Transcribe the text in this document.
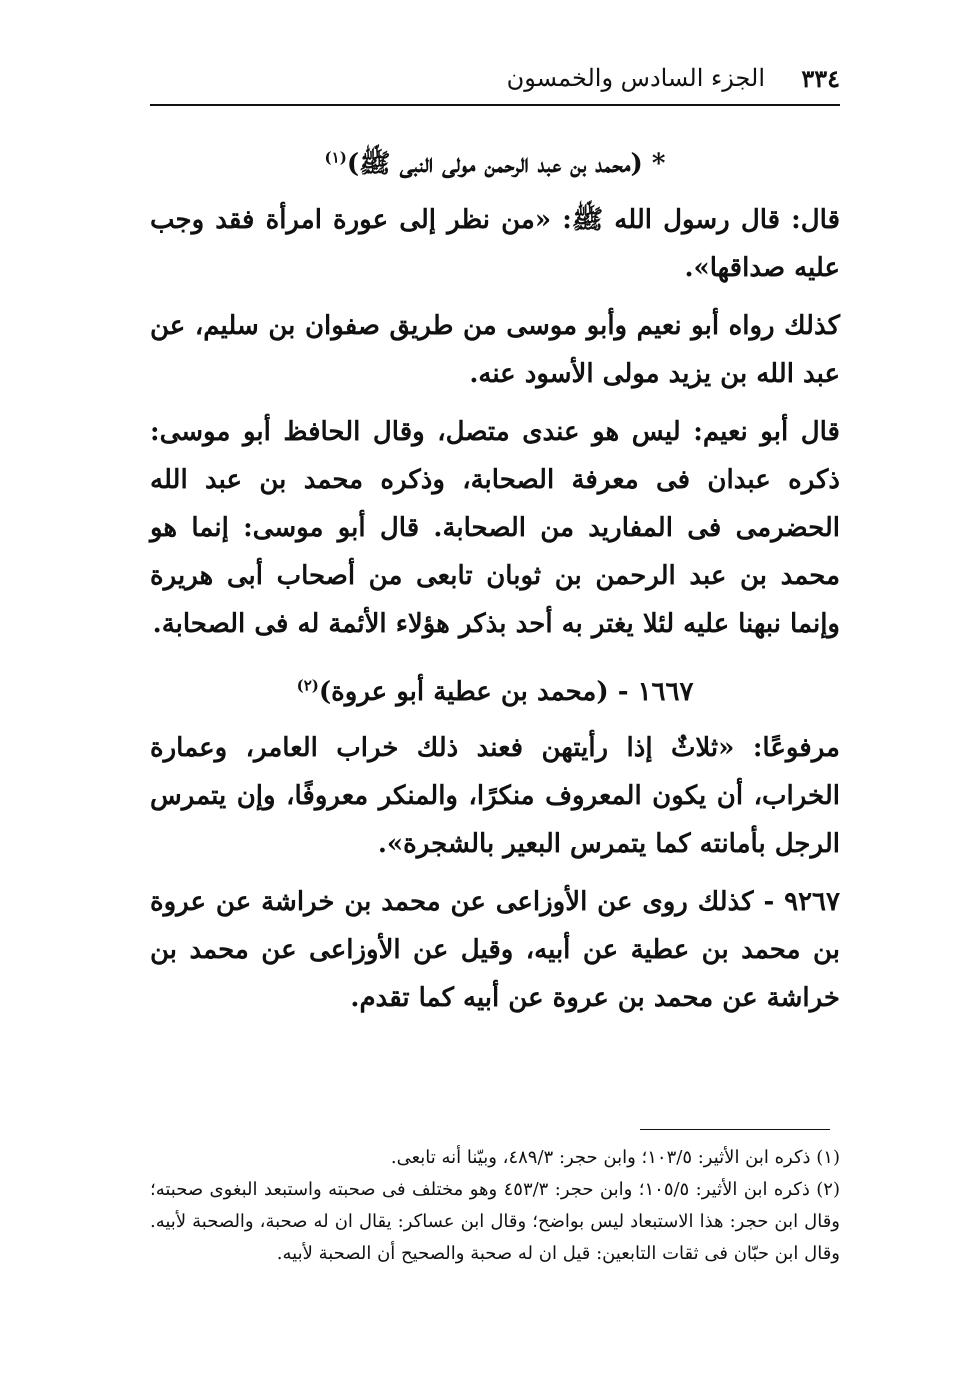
٣٣٤
الجزء السادس والخمسون

* (محمد بن عبد الرحمن مولى النبى ﷺ)$^{(١)}$

قال: قال رسول الله ﷺ: «من نظر إلى عورة امرأة فقد وجب عليه صداقها».

كذلك رواه أبو نعيم وأبو موسى من طريق صفوان بن سليم، عن عبد الله بن يزيد مولى الأسود عنه.

قال أبو نعيم: ليس هو عندى متصل، وقال الحافظ أبو موسى: ذكره عبدان فى معرفة الصحابة، وذكره محمد بن عبد الله الحضرمى فى المفاريد من الصحابة. قال أبو موسى: إنما هو محمد بن عبد الرحمن بن ثوبان تابعى من أصحاب أبى هريرة وإنما نبهنا عليه لئلا يغتر به أحد بذكر هؤلاء الأئمة له فى الصحابة.

١٦٦٧ - (محمد بن عطية أبو عروة)$^{(٢)}$

مرفوعًا: «ثلاثٌ إذا رأيتهن فعند ذلك خراب العامر، وعمارة الخراب، أن يكون المعروف منكرًا، والمنكر معروفًا، وإن يتمرس الرجل بأمانته كما يتمرس البعير بالشجرة».

٩٢٦٧ - كذلك روى عن الأوزاعى عن محمد بن خراشة عن عروة بن محمد بن عطية عن أبيه، وقيل عن الأوزاعى عن محمد بن خراشة عن محمد بن عروة عن أبيه كما تقدم.

(١) ذكره ابن الأثير: ١٠٣/٥؛ وابن حجر: ٤٨٩/٣، وبيّنا أنه تابعى.

(٢) ذكره ابن الأثير: ١٠٥/٥؛ وابن حجر: ٤٥٣/٣ وهو مختلف فى صحبته واستبعد البغوى صحبته؛ وقال ابن حجر: هذا الاستبعاد ليس بواضح؛ وقال ابن عساكر: يقال ان له صحبة، والصحبة لأبيه. وقال ابن حبّان فى ثقات التابعين: قيل ان له صحبة والصحيح أن الصحبة لأبيه.
